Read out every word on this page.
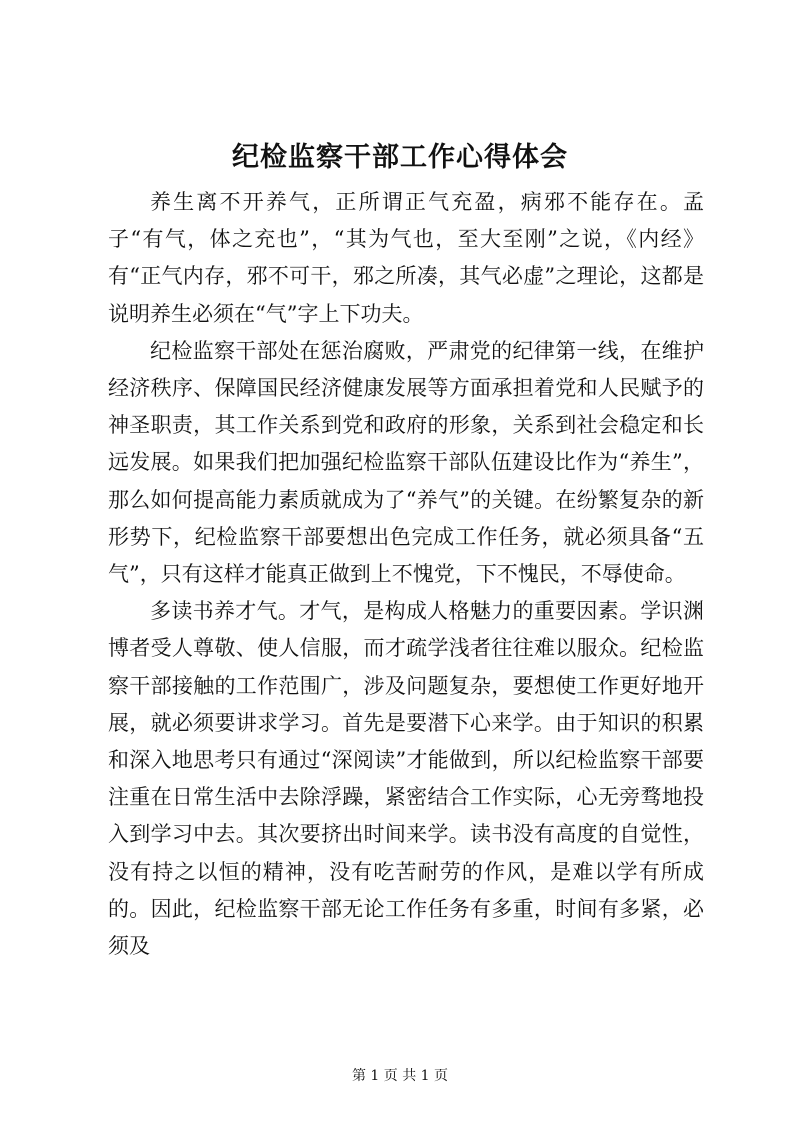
纪检监察干部工作心得体会

养生离不开养气，正所谓正气充盈，病邪不能存在。孟子“有气，体之充也”，“其为气也，至大至刚”之说，《内经》有“正气内存，邪不可干，邪之所凑，其气必虚”之理论，这都是说明养生必须在“气”字上下功夫。

纪检监察干部处在惩治腐败，严肃党的纪律第一线，在维护经济秩序、保障国民经济健康发展等方面承担着党和人民赋予的神圣职责，其工作关系到党和政府的形象，关系到社会稳定和长远发展。如果我们把加强纪检监察干部队伍建设比作为“养生”，那么如何提高能力素质就成为了“养气”的关键。在纷繁复杂的新形势下，纪检监察干部要想出色完成工作任务，就必须具备“五气”，只有这样才能真正做到上不愧党，下不愧民，不辱使命。

多读书养才气。才气，是构成人格魅力的重要因素。学识渊博者受人尊敬、使人信服，而才疏学浅者往往难以服众。纪检监察干部接触的工作范围广，涉及问题复杂，要想使工作更好地开展，就必须要讲求学习。首先是要潜下心来学。由于知识的积累和深入地思考只有通过“深阅读”才能做到，所以纪检监察干部要注重在日常生活中去除浮躁，紧密结合工作实际，心无旁骛地投入到学习中去。其次要挤出时间来学。读书没有高度的自觉性，没有持之以恒的精神，没有吃苦耐劳的作风，是难以学有所成的。因此，纪检监察干部无论工作任务有多重，时间有多紧，必须及

第 1 页 共 1 页
